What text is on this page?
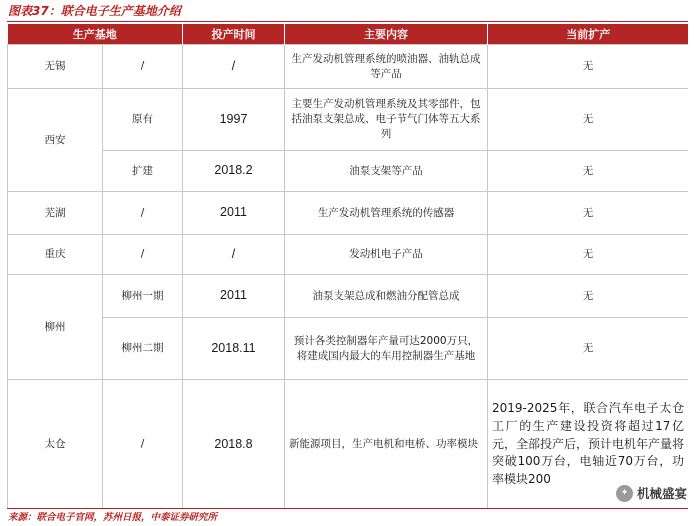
图表37：联合电子生产基地介绍
生产基地		投产时间	主要内容	当前扩产
无锡	/	/	生产发动机管理系统的喷油器、油轨总成等产品	无
西安	原有	1997	主要生产发动机管理系统及其零部件，包括油泵支架总成、电子节气门体等五大系列	无
	扩建	2018.2	油泵支架等产品	无
芜湖	/	2011	生产发动机管理系统的传感器	无
重庆	/	/	发动机电子产品	无
柳州	柳州一期	2011	油泵支架总成和燃油分配管总成	无
	柳州二期	2018.11	预计各类控制器年产量可达2000万只，将建成国内最大的车用控制器生产基地	无
太仓	/	2018.8	新能源项目，生产电机和电桥、功率模块	2019-2025年，联合汽车电子太仓工厂的生产建设投资将超过17亿元，全部投产后，预计电机年产量将突破100万台，电轴近70万台，功率模块200
✦ 机械盛宴
来源：联合电子官网，苏州日报，中泰证券研究所
